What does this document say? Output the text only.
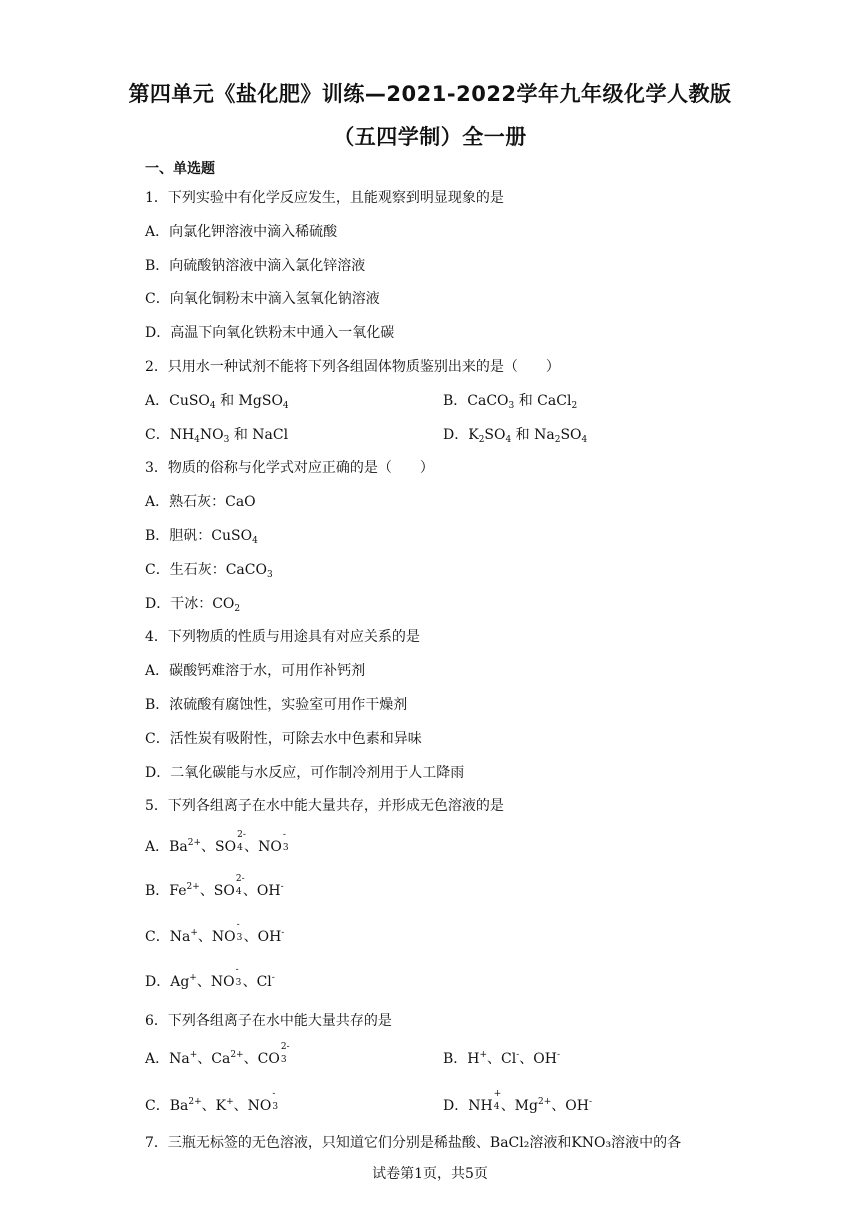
第四单元《盐化肥》训练—2021-2022学年九年级化学人教版
（五四学制）全一册
一、单选题
1．下列实验中有化学反应发生，且能观察到明显现象的是
A．向氯化钾溶液中滴入稀硫酸
B．向硫酸钠溶液中滴入氯化锌溶液
C．向氧化铜粉末中滴入氢氧化钠溶液
D．高温下向氧化铁粉末中通入一氧化碳
2．只用水一种试剂不能将下列各组固体物质鉴别出来的是（　　）
A．CuSO$_4$ 和 MgSO$_4$	B．CaCO$_3$ 和 CaCl$_2$
C．$NH_4NO_3$ 和 NaCl	D．$K_2SO_4$ 和 $Na_2SO_4$
3．物质的俗称与化学式对应正确的是（　　）
A．熟石灰：CaO
B．胆矾：CuSO$_4$
C．生石灰：CaCO$_3$
D．干冰：$CO_2$
4．下列物质的性质与用途具有对应关系的是
A．碳酸钙难溶于水，可用作补钙剂
B．浓硫酸有腐蚀性，实验室可用作干燥剂
C．活性炭有吸附性，可除去水中色素和异味
D．二氧化碳能与水反应，可作制冷剂用于人工降雨
5．下列各组离子在水中能大量共存，并形成无色溶液的是
A．$Ba^{2+}$、SO
2-
4 、NO
-
3
B．$Fe^{2+}$、SO
2-
4 、OH-
C．Na+、NO
-
3 、OH-
D．Ag+、NO
-
3 、Cl-
6．下列各组离子在水中能大量共存的是
A．Na+、$Ca^{2+}$、CO
2-
3	B．H+、Cl-、OH-
C．$Ba^{2+}$、K+、NO
-
3	D．NH
+
4 、$Mg^{2+}$、OH-
7．三瓶无标签的无色溶液，只知道它们分别是稀盐酸、BaCl₂溶液和KNO₃溶液中的各
试卷第1页，共5页
